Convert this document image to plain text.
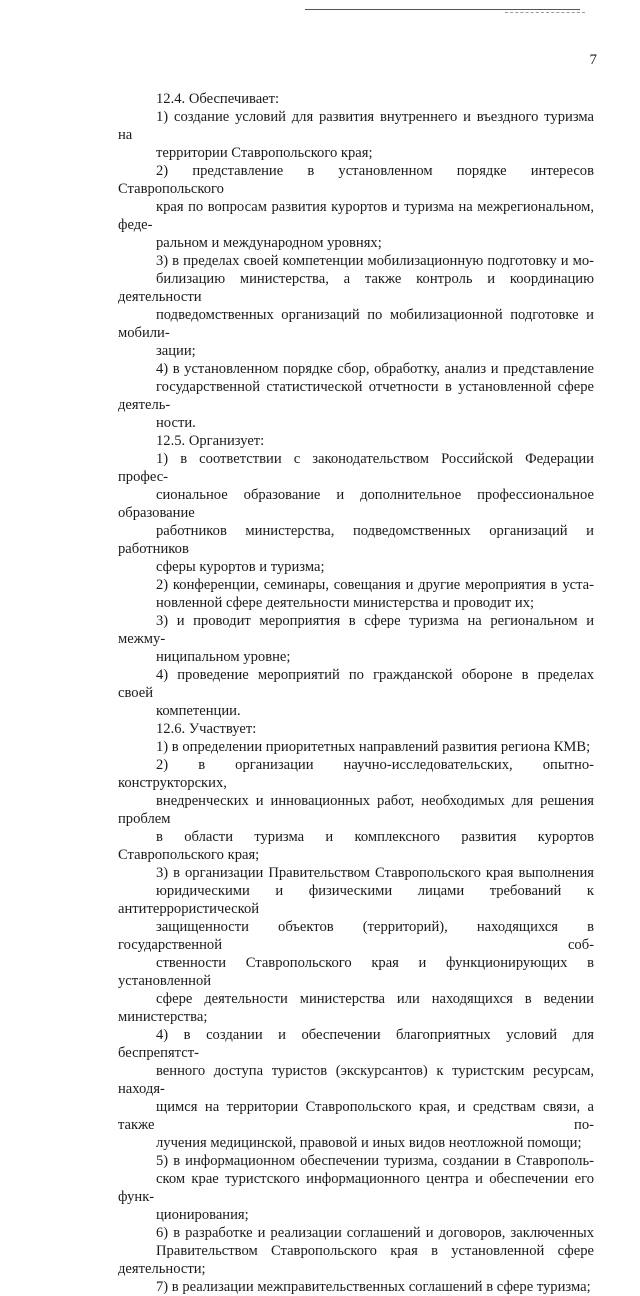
7

12.4. Обеспечивает:

1) создание условий для развития внутреннего и въездного туризма на
территории Ставропольского края;

2) представление в установленном порядке интересов Ставропольского
края по вопросам развития курортов и туризма на межрегиональном, феде-
ральном и международном уровнях;

3) в пределах своей компетенции мобилизационную подготовку и мо-
билизацию министерства, а также контроль и координацию деятельности
подведомственных организаций по мобилизационной подготовке и мобили-
зации;

4) в установленном порядке сбор, обработку, анализ и представление
государственной статистической отчетности в установленной сфере деятель-
ности.

12.5. Организует:

1) в соответствии с законодательством Российской Федерации профес-
сиональное образование и дополнительное профессиональное образование
работников министерства, подведомственных организаций и работников
сферы курортов и туризма;

2) конференции, семинары, совещания и другие мероприятия в уста-
новленной сфере деятельности министерства и проводит их;

3) и проводит мероприятия в сфере туризма на региональном и межму-
ниципальном уровне;

4) проведение мероприятий по гражданской обороне в пределах своей
компетенции.

12.6. Участвует:

1) в определении приоритетных направлений развития региона КМВ;

2) в организации научно-исследовательских, опытно-конструкторских,
внедренческих и инновационных работ, необходимых для решения проблем
в области туризма и комплексного развития курортов Ставропольского края;

3) в организации Правительством Ставропольского края выполнения
юридическими и физическими лицами требований к антитеррористической
защищенности объектов (территорий), находящихся в государственной соб-
ственности Ставропольского края и функционирующих в установленной
сфере деятельности министерства или находящихся в ведении министерства;

4) в создании и обеспечении благоприятных условий для беспрепятст-
венного доступа туристов (экскурсантов) к туристским ресурсам, находя-
щимся на территории Ставропольского края, и средствам связи, а также по-
лучения медицинской, правовой и иных видов неотложной помощи;

5) в информационном обеспечении туризма, создании в Ставрополь-
ском крае туристского информационного центра и обеспечении его функ-
ционирования;

6) в разработке и реализации соглашений и договоров, заключенных
Правительством Ставропольского края в установленной сфере деятельности;

7) в реализации межправительственных соглашений в сфере туризма;
